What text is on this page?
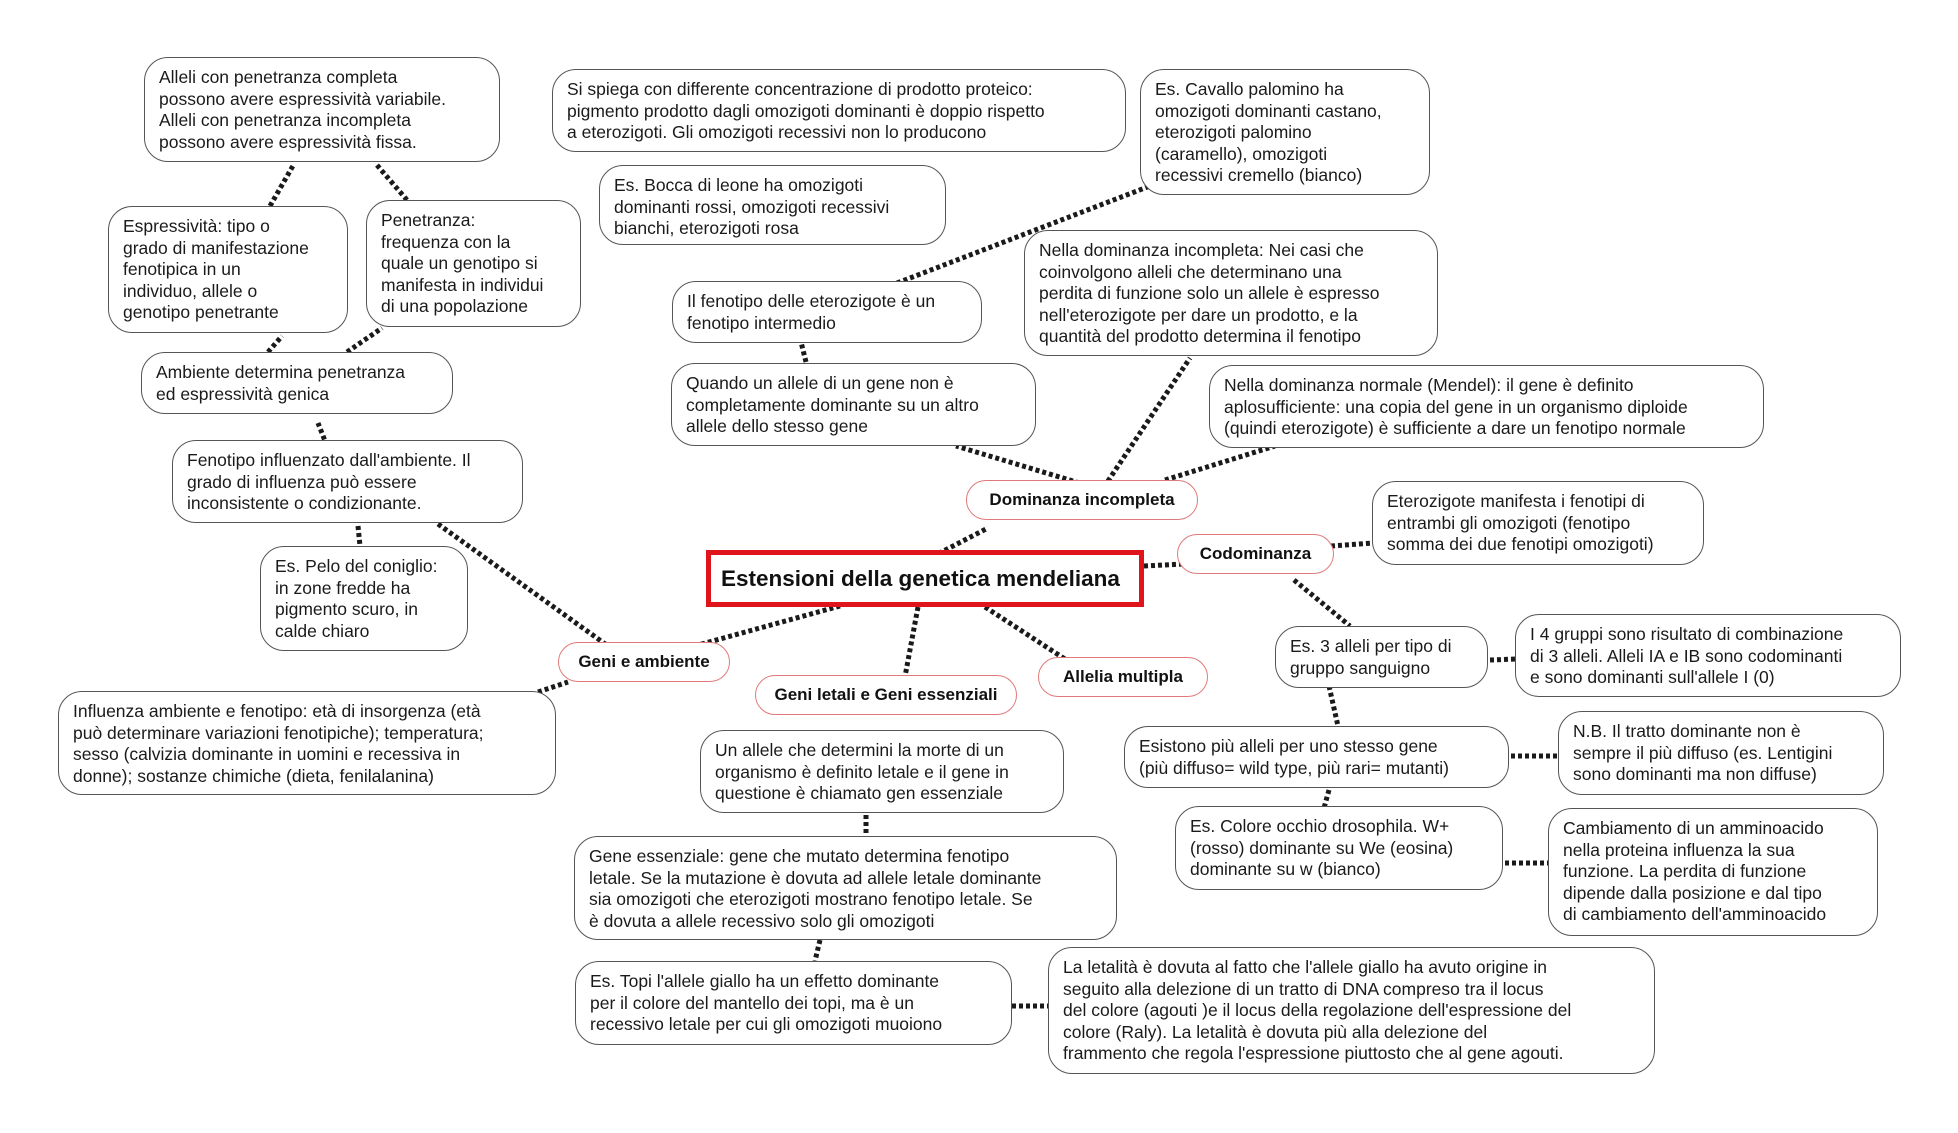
Estensioni della genetica mendeliana
Dominanza incompleta
Codominanza
Geni e ambiente
Geni letali e Geni essenziali
Allelia multipla
Alleli con penetranza completa
possono avere espressività variabile.
Alleli con penetranza incompleta
possono avere espressività fissa.
Espressività: tipo o
grado di manifestazione
fenotipica in un
individuo, allele o
genotipo penetrante
Penetranza:
frequenza con la
quale un genotipo si
manifesta in individui
di una popolazione
Ambiente determina penetranza
ed espressività genica
Fenotipo influenzato dall'ambiente. Il
grado di influenza può essere
inconsistente o condizionante.
Es. Pelo del coniglio:
in zone fredde ha
pigmento scuro, in
calde chiaro
Influenza ambiente e fenotipo: età di insorgenza (età
può determinare variazioni fenotipiche); temperatura;
sesso (calvizia dominante in uomini e recessiva in
donne); sostanze chimiche (dieta, fenilalanina)
Si spiega con differente concentrazione di prodotto proteico:
pigmento prodotto dagli omozigoti dominanti è doppio rispetto
a eterozigoti. Gli omozigoti recessivi non lo producono
Es. Bocca di leone ha omozigoti
dominanti rossi, omozigoti recessivi
bianchi, eterozigoti rosa
Es. Cavallo palomino ha
omozigoti dominanti castano,
eterozigoti palomino
(caramello), omozigoti
recessivi cremello (bianco)
Il fenotipo delle eterozigote è un
fenotipo intermedio
Nella dominanza incompleta: Nei casi che
coinvolgono alleli che determinano una
perdita di funzione solo un allele è espresso
nell'eterozigote per dare un prodotto, e la
quantità del prodotto determina il fenotipo
Quando un allele di un gene non è
completamente dominante su un altro
allele dello stesso gene
Nella dominanza normale (Mendel): il gene è definito
aplosufficiente: una copia del gene in un organismo diploide
(quindi eterozigote) è sufficiente a dare un fenotipo normale
Eterozigote manifesta i fenotipi di
entrambi gli omozigoti (fenotipo
somma dei due fenotipi omozigoti)
Es. 3 alleli per tipo di
gruppo sanguigno
I 4 gruppi sono risultato di combinazione
di 3 alleli. Alleli IA e IB sono codominanti
e sono dominanti sull'allele I (0)
Esistono più alleli per uno stesso gene
(più diffuso= wild type, più rari= mutanti)
N.B. Il tratto dominante non è
sempre il più diffuso (es. Lentigini
sono dominanti ma non diffuse)
Es. Colore occhio drosophila. W+
(rosso) dominante su We (eosina)
dominante su w (bianco)
Cambiamento di un amminoacido
nella proteina influenza la sua
funzione. La perdita di funzione
dipende dalla posizione e dal tipo
di cambiamento dell'amminoacido
Un allele che determini la morte di un
organismo è definito letale e il gene in
questione è chiamato gen essenziale
Gene essenziale: gene che mutato determina fenotipo
letale. Se la mutazione è dovuta ad allele letale dominante
sia omozigoti che eterozigoti mostrano fenotipo letale. Se
è dovuta a allele recessivo solo gli omozigoti
Es. Topi l'allele giallo ha un effetto dominante
per il colore del mantello dei topi, ma è un
recessivo letale per cui gli omozigoti muoiono
La letalità è dovuta al fatto che l'allele giallo ha avuto origine in
seguito alla delezione di un tratto di DNA compreso tra il locus
del colore (agouti )e il locus della regolazione dell'espressione del
colore (Raly). La letalità è dovuta più alla delezione del
frammento che regola l'espressione piuttosto che al gene agouti.
